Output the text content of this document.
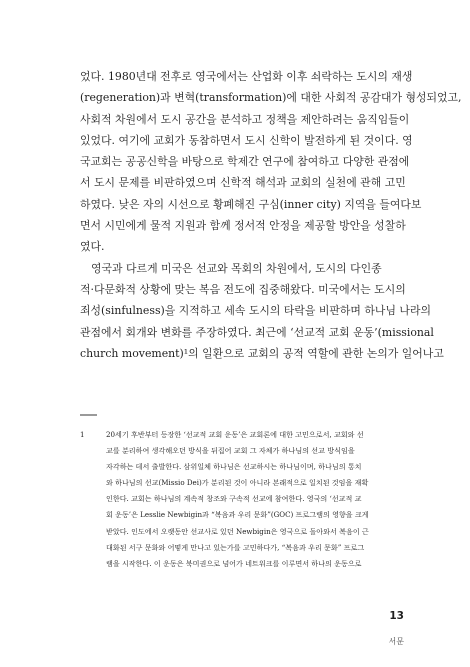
었다. 1980년대 전후로 영국에서는 산업화 이후 쇠락하는 도시의 재생
(regeneration)과 변혁(transformation)에 대한 사회적 공감대가 형성되었고,
사회적 차원에서 도시 공간을 분석하고 정책을 제안하려는 움직임들이
있었다. 여기에 교회가 동참하면서 도시 신학이 발전하게 된 것이다. 영
국교회는 공공신학을 바탕으로 학제간 연구에 참여하고 다양한 관점에
서 도시 문제를 비판하였으며 신학적 해석과 교회의 실천에 관해 고민
하였다. 낮은 자의 시선으로 황폐해진 구심(inner city) 지역을 들여다보
면서 시민에게 물적 지원과 함께 정서적 안정을 제공할 방안을 성찰하
였다.
영국과 다르게 미국은 선교와 목회의 차원에서, 도시의 다인종
적·다문화적 상황에 맞는 복음 전도에 집중해왔다. 미국에서는 도시의
죄성(sinfulness)을 지적하고 세속 도시의 타락을 비판하며 하나님 나라의
관점에서 회개와 변화를 주장하였다. 최근에 ‘선교적 교회 운동’(missional
church movement)¹의 일환으로 교회의 공적 역할에 관한 논의가 일어나고
1	20세기 후반부터 등장한 ‘선교적 교회 운동’은 교회론에 대한 고민으로서, 교회와 선
교를 분리하여 생각해오던 방식을 뒤집어 교회 그 자체가 하나님의 선교 방식임을
자각하는 데서 출발한다. 삼위일체 하나님은 선교하시는 하나님이며, 하나님의 통치
와 하나님의 선교(Missio Dei)가 분리된 것이 아니라 본래적으로 일치된 것임을 재확
인한다. 교회는 하나님의 계속적 창조와 구속적 선교에 참여한다. 영국의 ‘선교적 교
회 운동’은 Lesslie Newbigin과 “복음과 우리 문화”(GOC) 프로그램의 영향을 크게
받았다. 인도에서 오랫동안 선교사로 있던 Newbigin은 영국으로 돌아와서 복음이 근
대화된 서구 문화와 어떻게 만나고 있는가를 고민하다가, “복음과 우리 문화” 프로그
램을 시작한다. 이 운동은 북미권으로 넘어가 네트워크를 이루면서 하나의 운동으로
13
서문
